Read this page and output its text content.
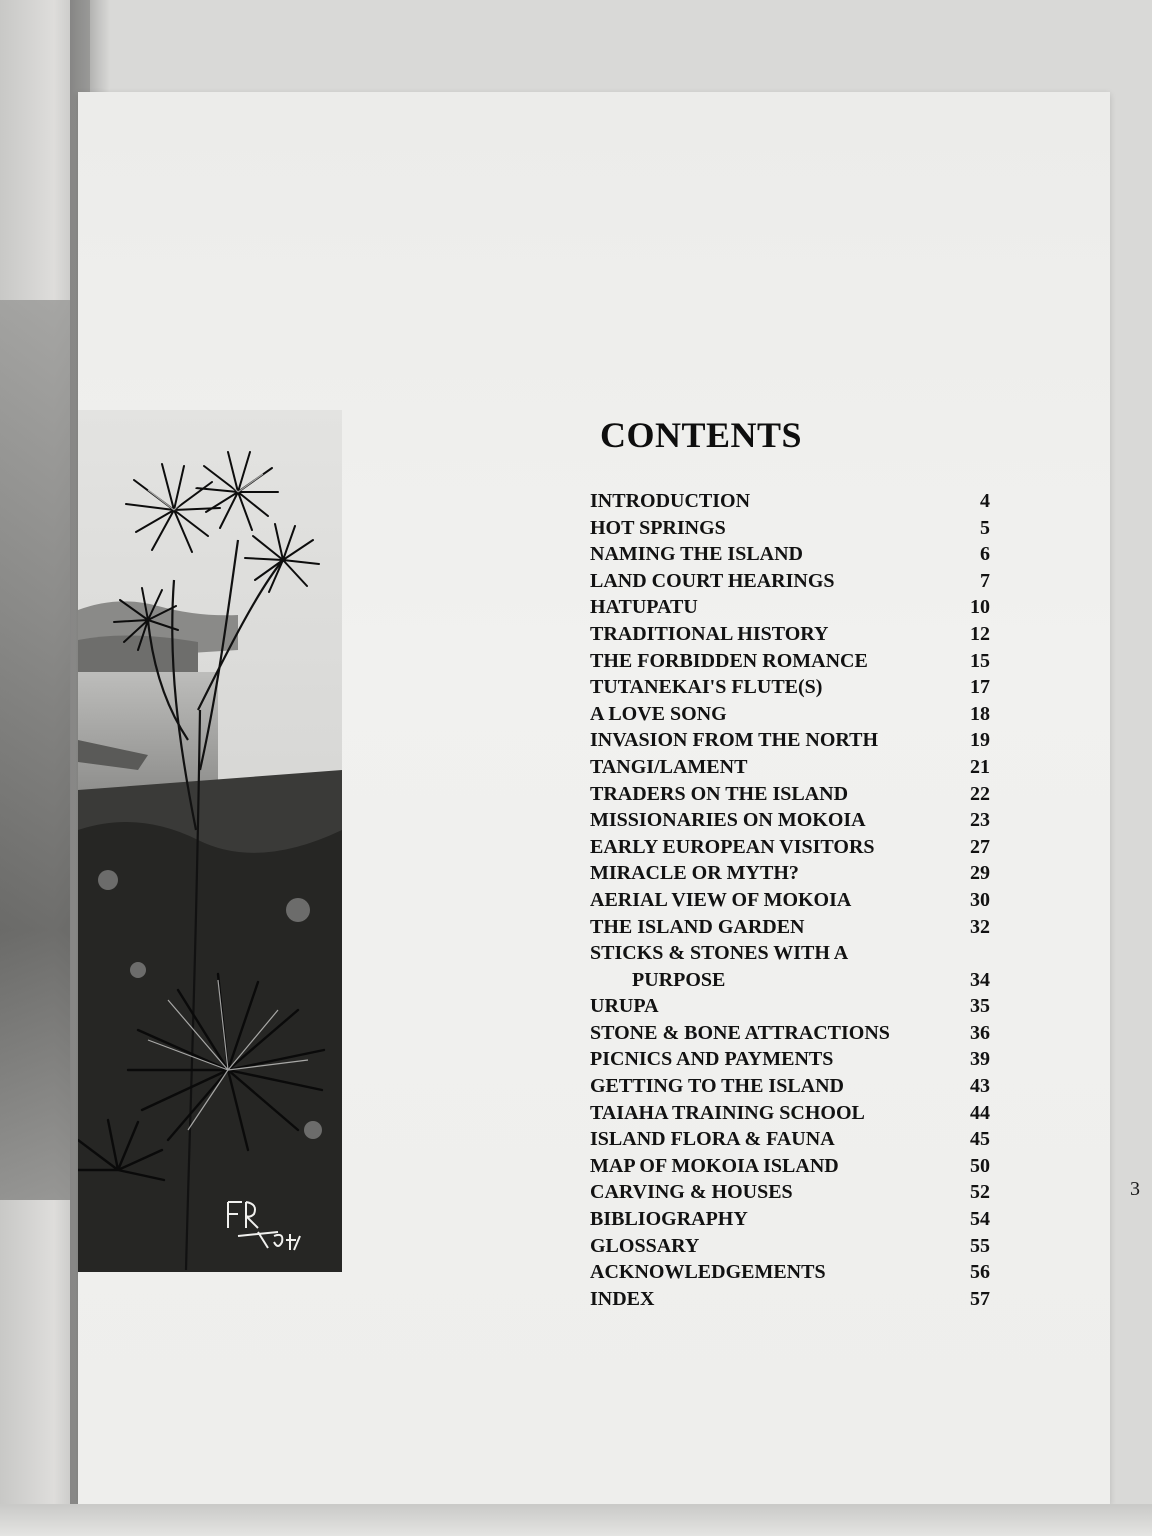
CONTENTS
INTRODUCTION	4
HOT SPRINGS	5
NAMING THE ISLAND	6
LAND COURT HEARINGS	7
HATUPATU	10
TRADITIONAL HISTORY	12
THE FORBIDDEN ROMANCE	15
TUTANEKAI'S FLUTE(S)	17
A LOVE SONG	18
INVASION FROM THE NORTH	19
TANGI/LAMENT	21
TRADERS ON THE ISLAND	22
MISSIONARIES ON MOKOIA	23
EARLY EUROPEAN VISITORS	27
MIRACLE OR MYTH?	29
AERIAL VIEW OF MOKOIA	30
THE ISLAND GARDEN	32
STICKS & STONES WITH A
PURPOSE	34
URUPA	35
STONE & BONE ATTRACTIONS	36
PICNICS AND PAYMENTS	39
GETTING TO THE ISLAND	43
TAIAHA TRAINING SCHOOL	44
ISLAND FLORA & FAUNA	45
MAP OF MOKOIA ISLAND	50
CARVING & HOUSES	52
BIBLIOGRAPHY	54
GLOSSARY	55
ACKNOWLEDGEMENTS	56
INDEX	57
3
